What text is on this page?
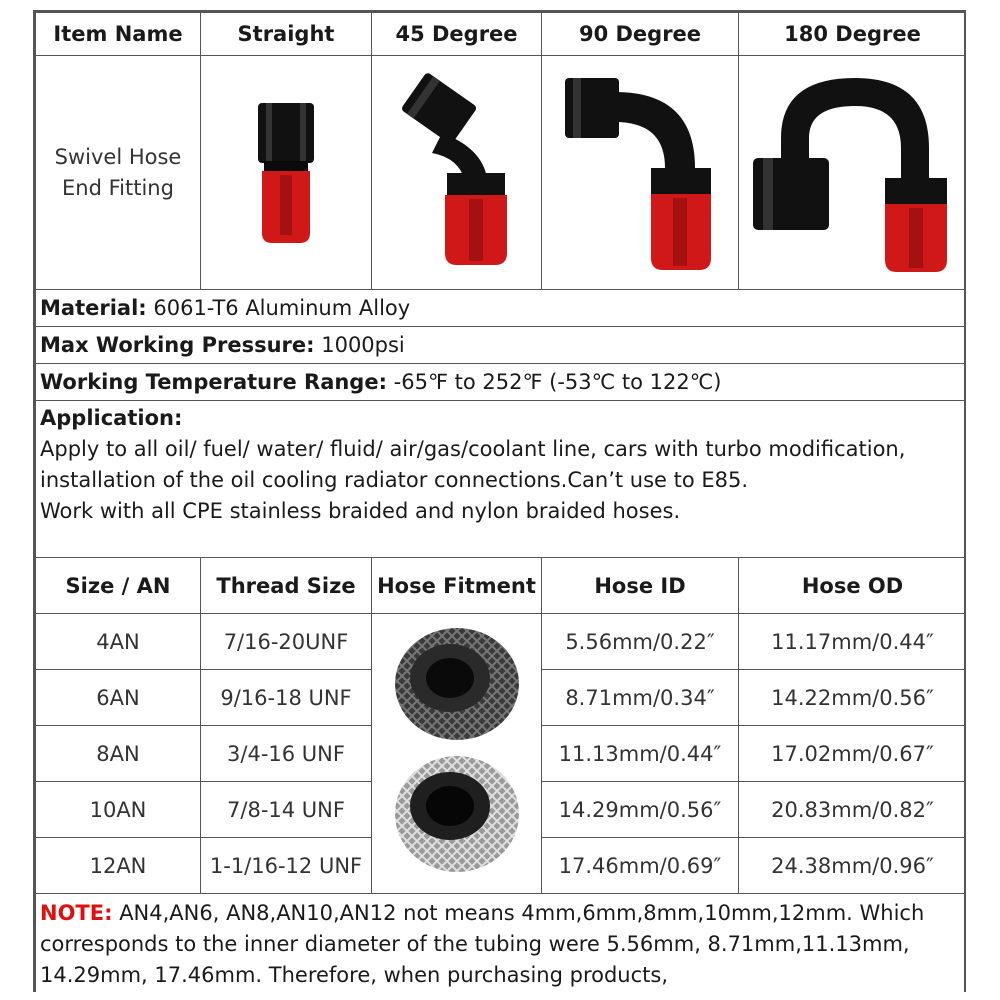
Item Name	Straight	45 Degree	90 Degree	180 Degree

Swivel Hose
End Fitting

Material: 6061-T6 Aluminum Alloy				
Max Working Pressure: 1000psi				
Working Temperature Range: -65℉ to 252℉ (-53℃ to 122℃)				

Application:
Apply to all oil/ fuel/ water/ fluid/ air/gas/coolant line, cars with turbo modification, installation of the oil cooling radiator connections.Can’t use to E85.
Work with all CPE stainless braided and nylon braided hoses.				

Size / AN	Thread Size	Hose Fitment	Hose ID	Hose OD
4AN	7/16-20UNF		5.56mm/0.22″	11.17mm/0.44″
6AN	9/16-18 UNF		8.71mm/0.34″	14.22mm/0.56″
8AN	3/4-16 UNF		11.13mm/0.44″	17.02mm/0.67″
10AN	7/8-14 UNF		14.29mm/0.56″	20.83mm/0.82″
12AN	1-1/16-12 UNF		17.46mm/0.69″	24.38mm/0.96″
NOTE: AN4,AN6, AN8,AN10,AN12 not means 4mm,6mm,8mm,10mm,12mm. Which corresponds to the inner diameter of the tubing were 5.56mm, 8.71mm,11.13mm, 14.29mm, 17.46mm. Therefore, when purchasing products,				
